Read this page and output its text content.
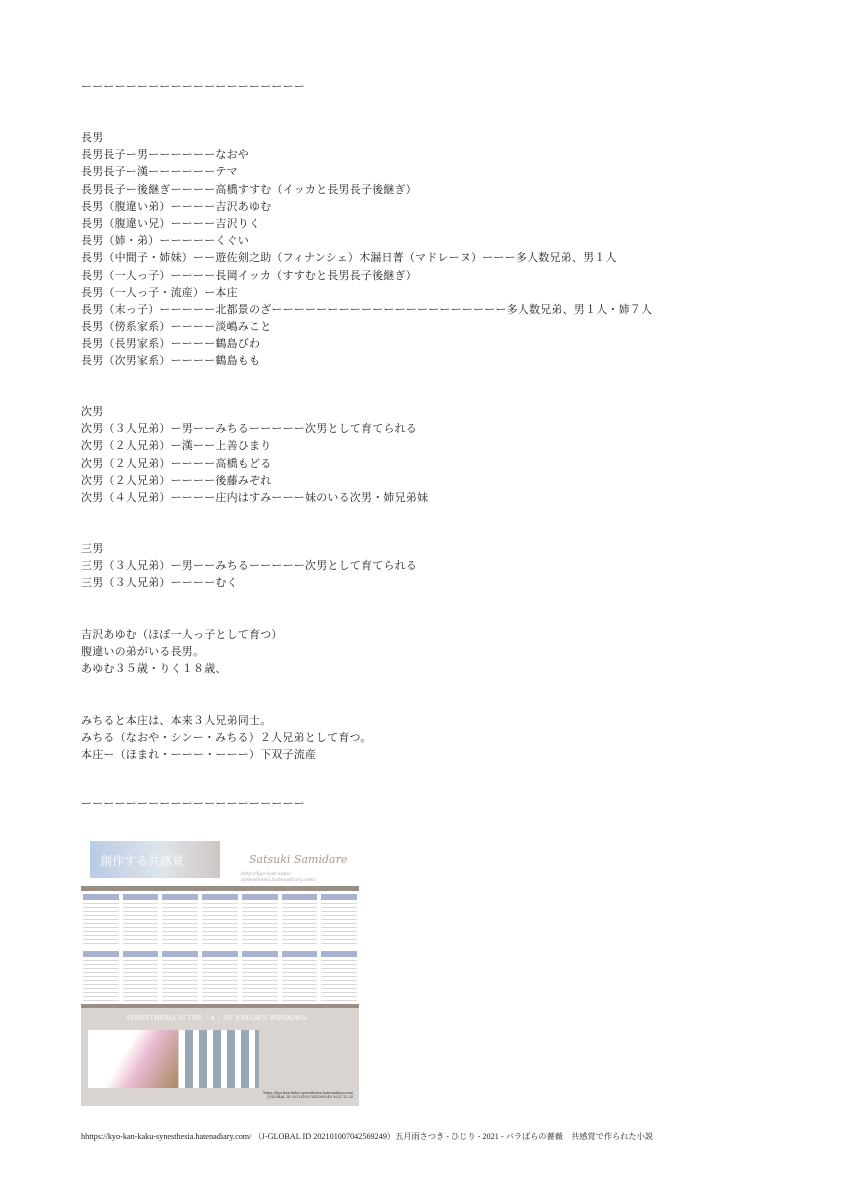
ーーーーーーーーーーーーーーーーーーーー
長男
長男長子ー男ーーーーーーなおや
長男長子ー漢ーーーーーーテマ
長男長子ー後継ぎーーーー高橋すすむ（イッカと長男長子後継ぎ）
長男（腹違い弟）ーーーー吉沢あゆむ
長男（腹違い兄）ーーーー吉沢りく
長男（姉・弟）ーーーーーくぐい
長男（中間子・姉妹）ーー遊佐剣之助（フィナンシェ）木漏日菁（マドレーヌ）ーーー多人数兄弟、男１人
長男（一人っ子）ーーーー長岡イッカ（すすむと長男長子後継ぎ）
長男（一人っ子・流産）ー本庄
長男（末っ子）ーーーーー北都景のざーーーーーーーーーーーーーーーーーーーーー多人数兄弟、男１人・姉７人
長男（傍系家系）ーーーー淡嶋みこと
長男（長男家系）ーーーー鶴島びわ
長男（次男家系）ーーーー鶴島もも
次男
次男（３人兄弟）ー男ーーみちるーーーーー次男として育てられる
次男（２人兄弟）ー漢ーー上善ひまり
次男（２人兄弟）ーーーー高橋もどる
次男（２人兄弟）ーーーー後藤みぞれ
次男（４人兄弟）ーーーー庄内はすみーーー妹のいる次男・姉兄弟妹
三男
三男（３人兄弟）ー男ーーみちるーーーーー次男として育てられる
三男（３人兄弟）ーーーーむく
吉沢あゆむ（ほぼ一人っ子として育つ）
腹違いの弟がいる長男。
あゆむ３５歳・りく１８歳、
みちると本庄は、本来３人兄弟同士。
みちる（なおや・シンー・みちる）２人兄弟として育つ。
本庄ー（ほまれ・ーーー・ーーー）下双子流産
ーーーーーーーーーーーーーーーーーーーー
創作する共感覚	Satsuki Samidare
http://kyo-kan-kaku-synesthesia.hatenadiary.com/
SYNESTHESIA IS THE「 4 」OF JOHARI'S WINDOWS.
https://kyo-kan-kaku-synesthesia.hatenadiary.com/
J-GLOBAL ID 202101007042569249 2021.12.20
hhttps://kyo-kan-kaku-synesthesia.hatenadiary.com/ （J-GLOBAL ID 202101007042569249）五月雨さつき - ひじり - 2021 - バラばらの薔薇　共感覚で作られた小説
